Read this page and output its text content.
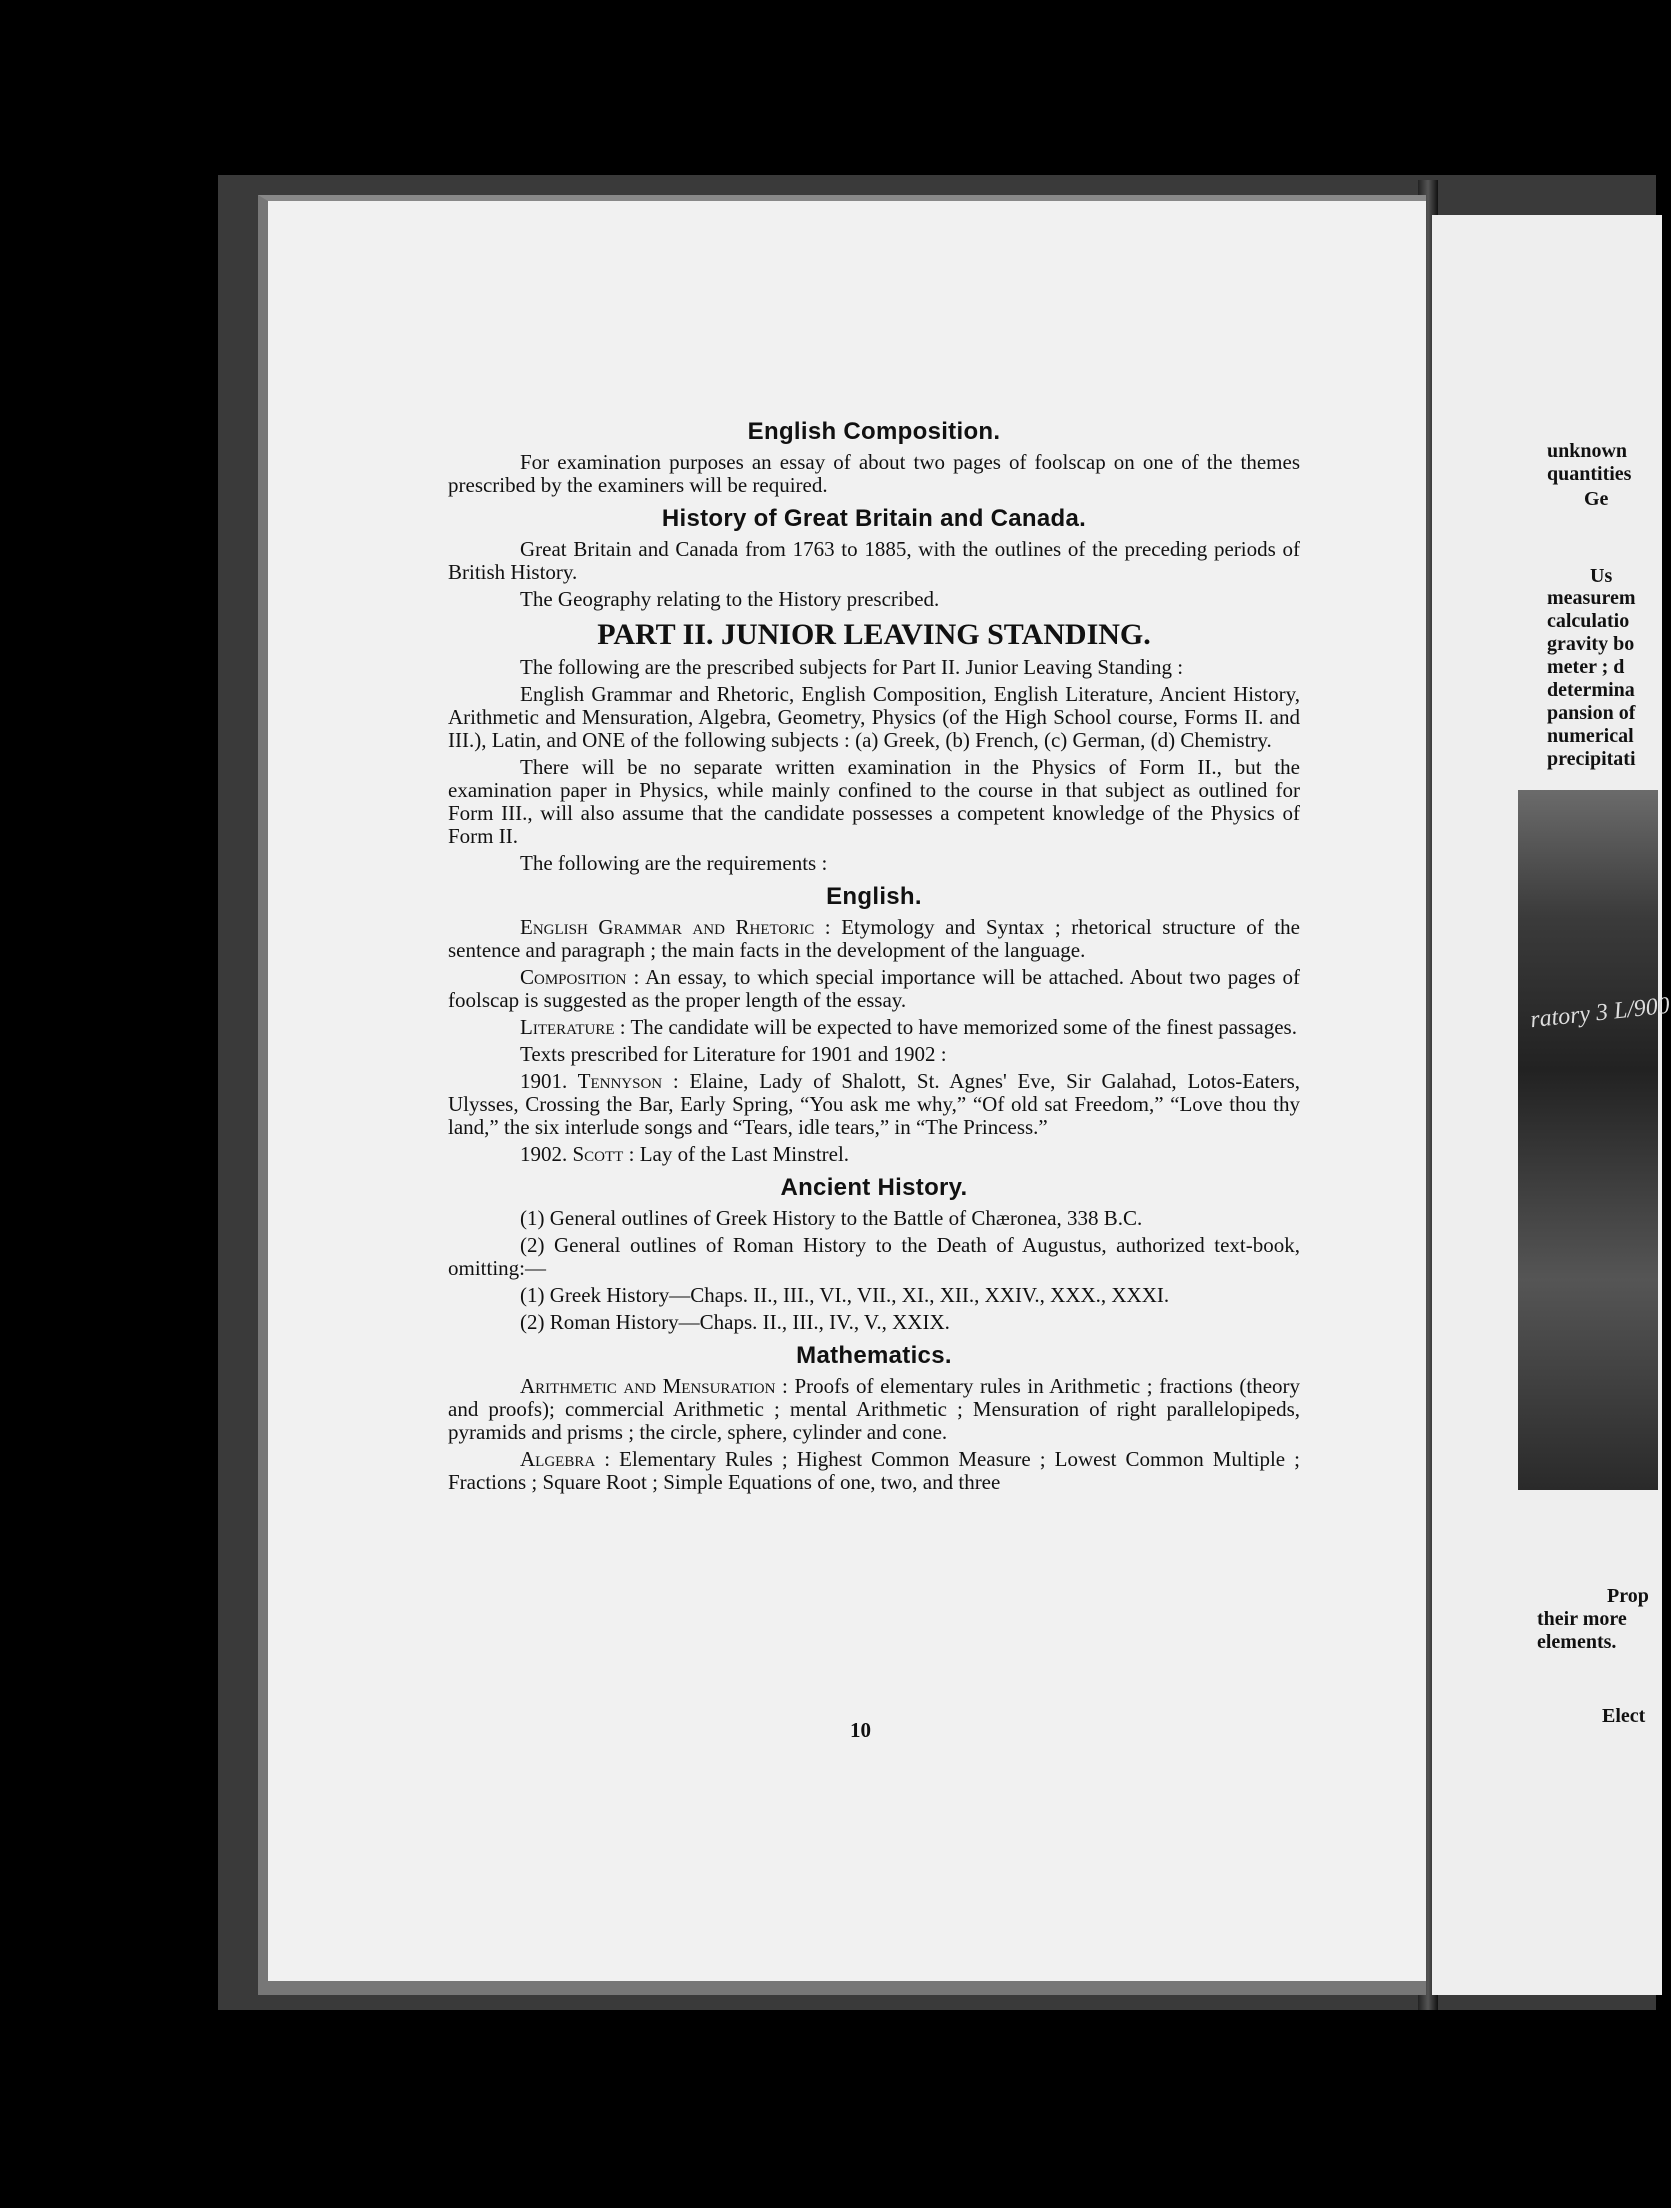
English Composition.

For examination purposes an essay of about two pages of foolscap on one of the themes prescribed by the examiners will be required.

History of Great Britain and Canada.

Great Britain and Canada from 1763 to 1885, with the outlines of the preceding periods of British History.

The Geography relating to the History prescribed.

PART II. JUNIOR LEAVING STANDING.

The following are the prescribed subjects for Part II. Junior Leaving Standing :

English Grammar and Rhetoric, English Composition, English Literature, Ancient History, Arithmetic and Mensuration, Algebra, Geometry, Physics (of the High School course, Forms II. and III.), Latin, and ONE of the following subjects : (a) Greek, (b) French, (c) German, (d) Chemistry.

There will be no separate written examination in the Physics of Form II., but the examination paper in Physics, while mainly confined to the course in that subject as outlined for Form III., will also assume that the candidate possesses a competent knowledge of the Physics of Form II.

The following are the requirements :

English.

English Grammar and Rhetoric : Etymology and Syntax ; rhetorical structure of the sentence and paragraph ; the main facts in the development of the language.

Composition : An essay, to which special importance will be attached. About two pages of foolscap is suggested as the proper length of the essay.

Literature : The candidate will be expected to have memorized some of the finest passages.

Texts prescribed for Literature for 1901 and 1902 :

1901. Tennyson : Elaine, Lady of Shalott, St. Agnes' Eve, Sir Galahad, Lotos-Eaters, Ulysses, Crossing the Bar, Early Spring, “You ask me why,” “Of old sat Freedom,” “Love thou thy land,” the six interlude songs and “Tears, idle tears,” in “The Princess.”

1902. Scott : Lay of the Last Minstrel.

Ancient History.

(1) General outlines of Greek History to the Battle of Chæronea, 338 B.C.

(2) General outlines of Roman History to the Death of Augustus, authorized text-book, omitting:—

(1) Greek History—Chaps. II., III., VI., VII., XI., XII., XXIV., XXX., XXXI.

(2) Roman History—Chaps. II., III., IV., V., XXIX.

Mathematics.

Arithmetic and Mensuration : Proofs of elementary rules in Arithmetic ; fractions (theory and proofs); commercial Arithmetic ; mental Arithmetic ; Mensuration of right parallelopipeds, pyramids and prisms ; the circle, sphere, cylinder and cone.

Algebra : Elementary Rules ; Highest Common Measure ; Lowest Common Multiple ; Fractions ; Square Root ; Simple Equations of one, two, and three

10
unknown
quantities
Ge
Us
measurem
calculatio
gravity bo
meter ; d
determina
pansion of
numerical
precipitati
Prop
their more
elements.
Elect
ratory 3 L/900
